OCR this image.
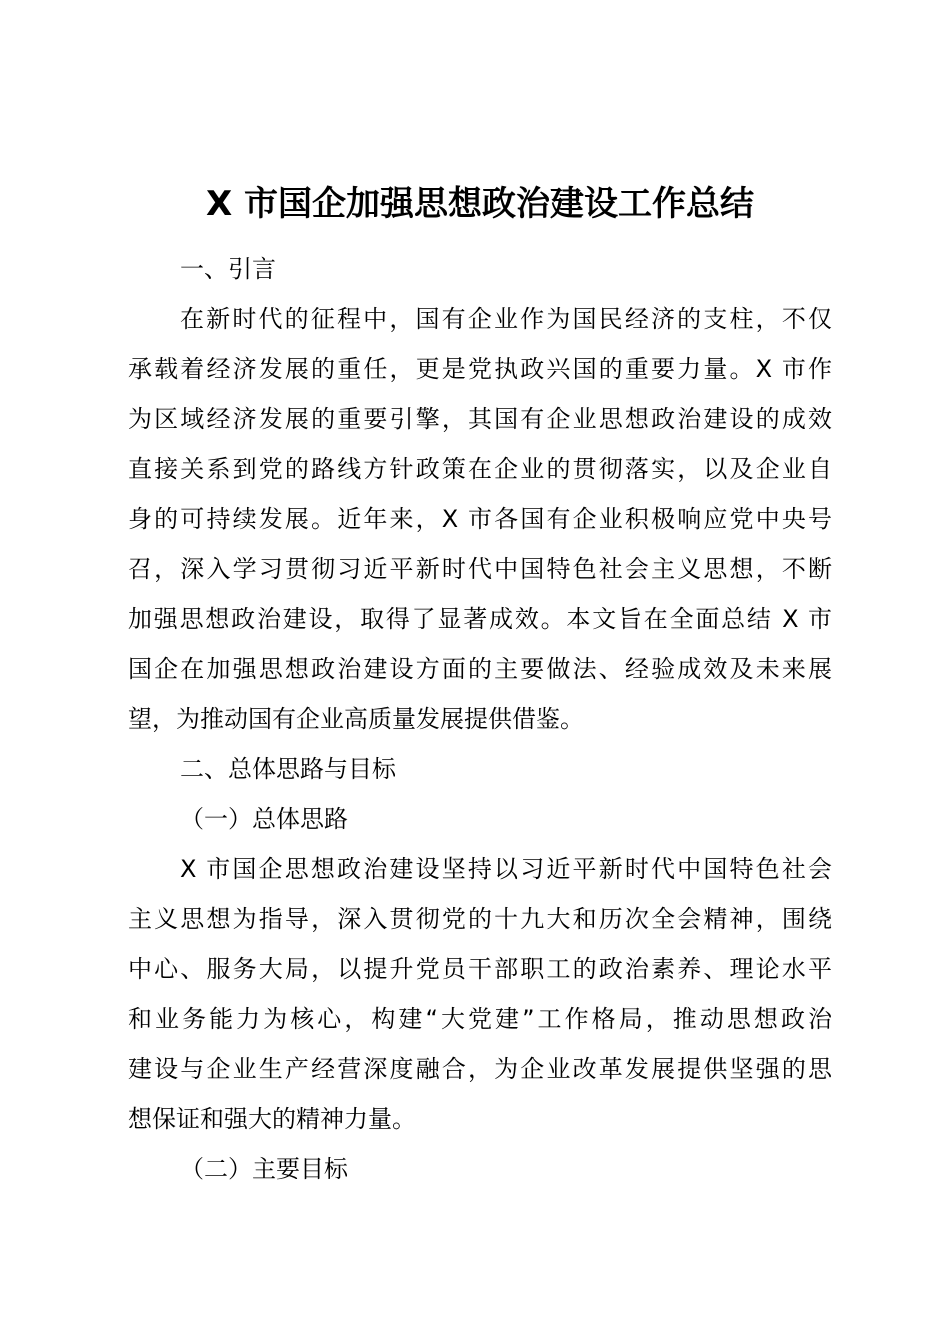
X 市国企加强思想政治建设工作总结

一、引言

在新时代的征程中，国有企业作为国民经济的支柱，不仅
承载着经济发展的重任，更是党执政兴国的重要力量。X 市作
为区域经济发展的重要引擎，其国有企业思想政治建设的成效
直接关系到党的路线方针政策在企业的贯彻落实，以及企业自
身的可持续发展。近年来，X 市各国有企业积极响应党中央号
召，深入学习贯彻习近平新时代中国特色社会主义思想，不断
加强思想政治建设，取得了显著成效。本文旨在全面总结 X 市
国企在加强思想政治建设方面的主要做法、经验成效及未来展
望，为推动国有企业高质量发展提供借鉴。

二、总体思路与目标

（一）总体思路

X 市国企思想政治建设坚持以习近平新时代中国特色社会
主义思想为指导，深入贯彻党的十九大和历次全会精神，围绕
中心、服务大局，以提升党员干部职工的政治素养、理论水平
和业务能力为核心，构建“大党建”工作格局，推动思想政治
建设与企业生产经营深度融合，为企业改革发展提供坚强的思
想保证和强大的精神力量。

（二）主要目标
